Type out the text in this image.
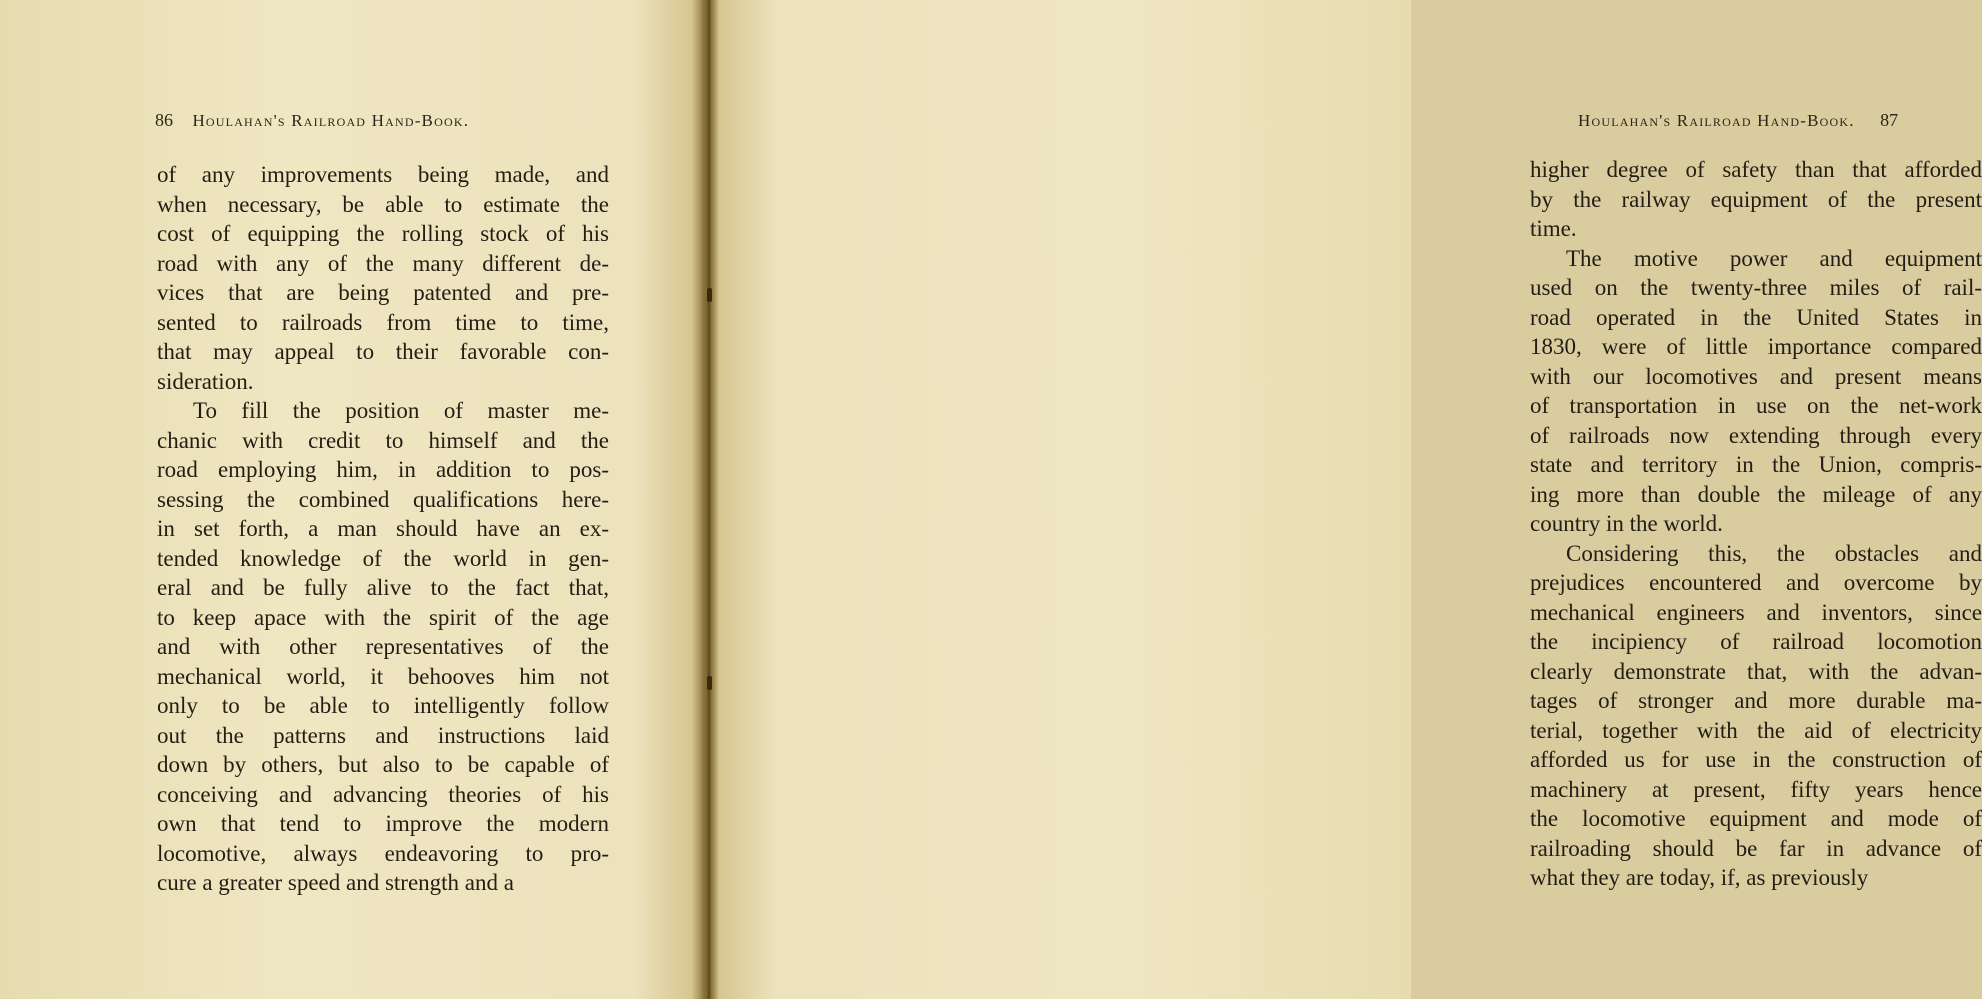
86 Houlahan's Railroad Hand-Book.
of any improvements being made, and
when necessary, be able to estimate the
cost of equipping the rolling stock of his
road with any of the many different de-
vices that are being patented and pre-
sented to railroads from time to time,
that may appeal to their favorable con-
sideration.
To fill the position of master me-
chanic with credit to himself and the
road employing him, in addition to pos-
sessing the combined qualifications here-
in set forth, a man should have an ex-
tended knowledge of the world in gen-
eral and be fully alive to the fact that,
to keep apace with the spirit of the age
and with other representatives of the
mechanical world, it behooves him not
only to be able to intelligently follow
out the patterns and instructions laid
down by others, but also to be capable of
conceiving and advancing theories of his
own that tend to improve the modern
locomotive, always endeavoring to pro-
cure a greater speed and strength and a
Houlahan's Railroad Hand-Book. 87
higher degree of safety than that afforded
by the railway equipment of the present
time.
The motive power and equipment
used on the twenty-three miles of rail-
road operated in the United States in
1830, were of little importance compared
with our locomotives and present means
of transportation in use on the net-work
of railroads now extending through every
state and territory in the Union, compris-
ing more than double the mileage of any
country in the world.
Considering this, the obstacles and
prejudices encountered and overcome by
mechanical engineers and inventors, since
the incipiency of railroad locomotion
clearly demonstrate that, with the advan-
tages of stronger and more durable ma-
terial, together with the aid of electricity
afforded us for use in the construction of
machinery at present, fifty years hence
the locomotive equipment and mode of
railroading should be far in advance of
what they are today, if, as previously
